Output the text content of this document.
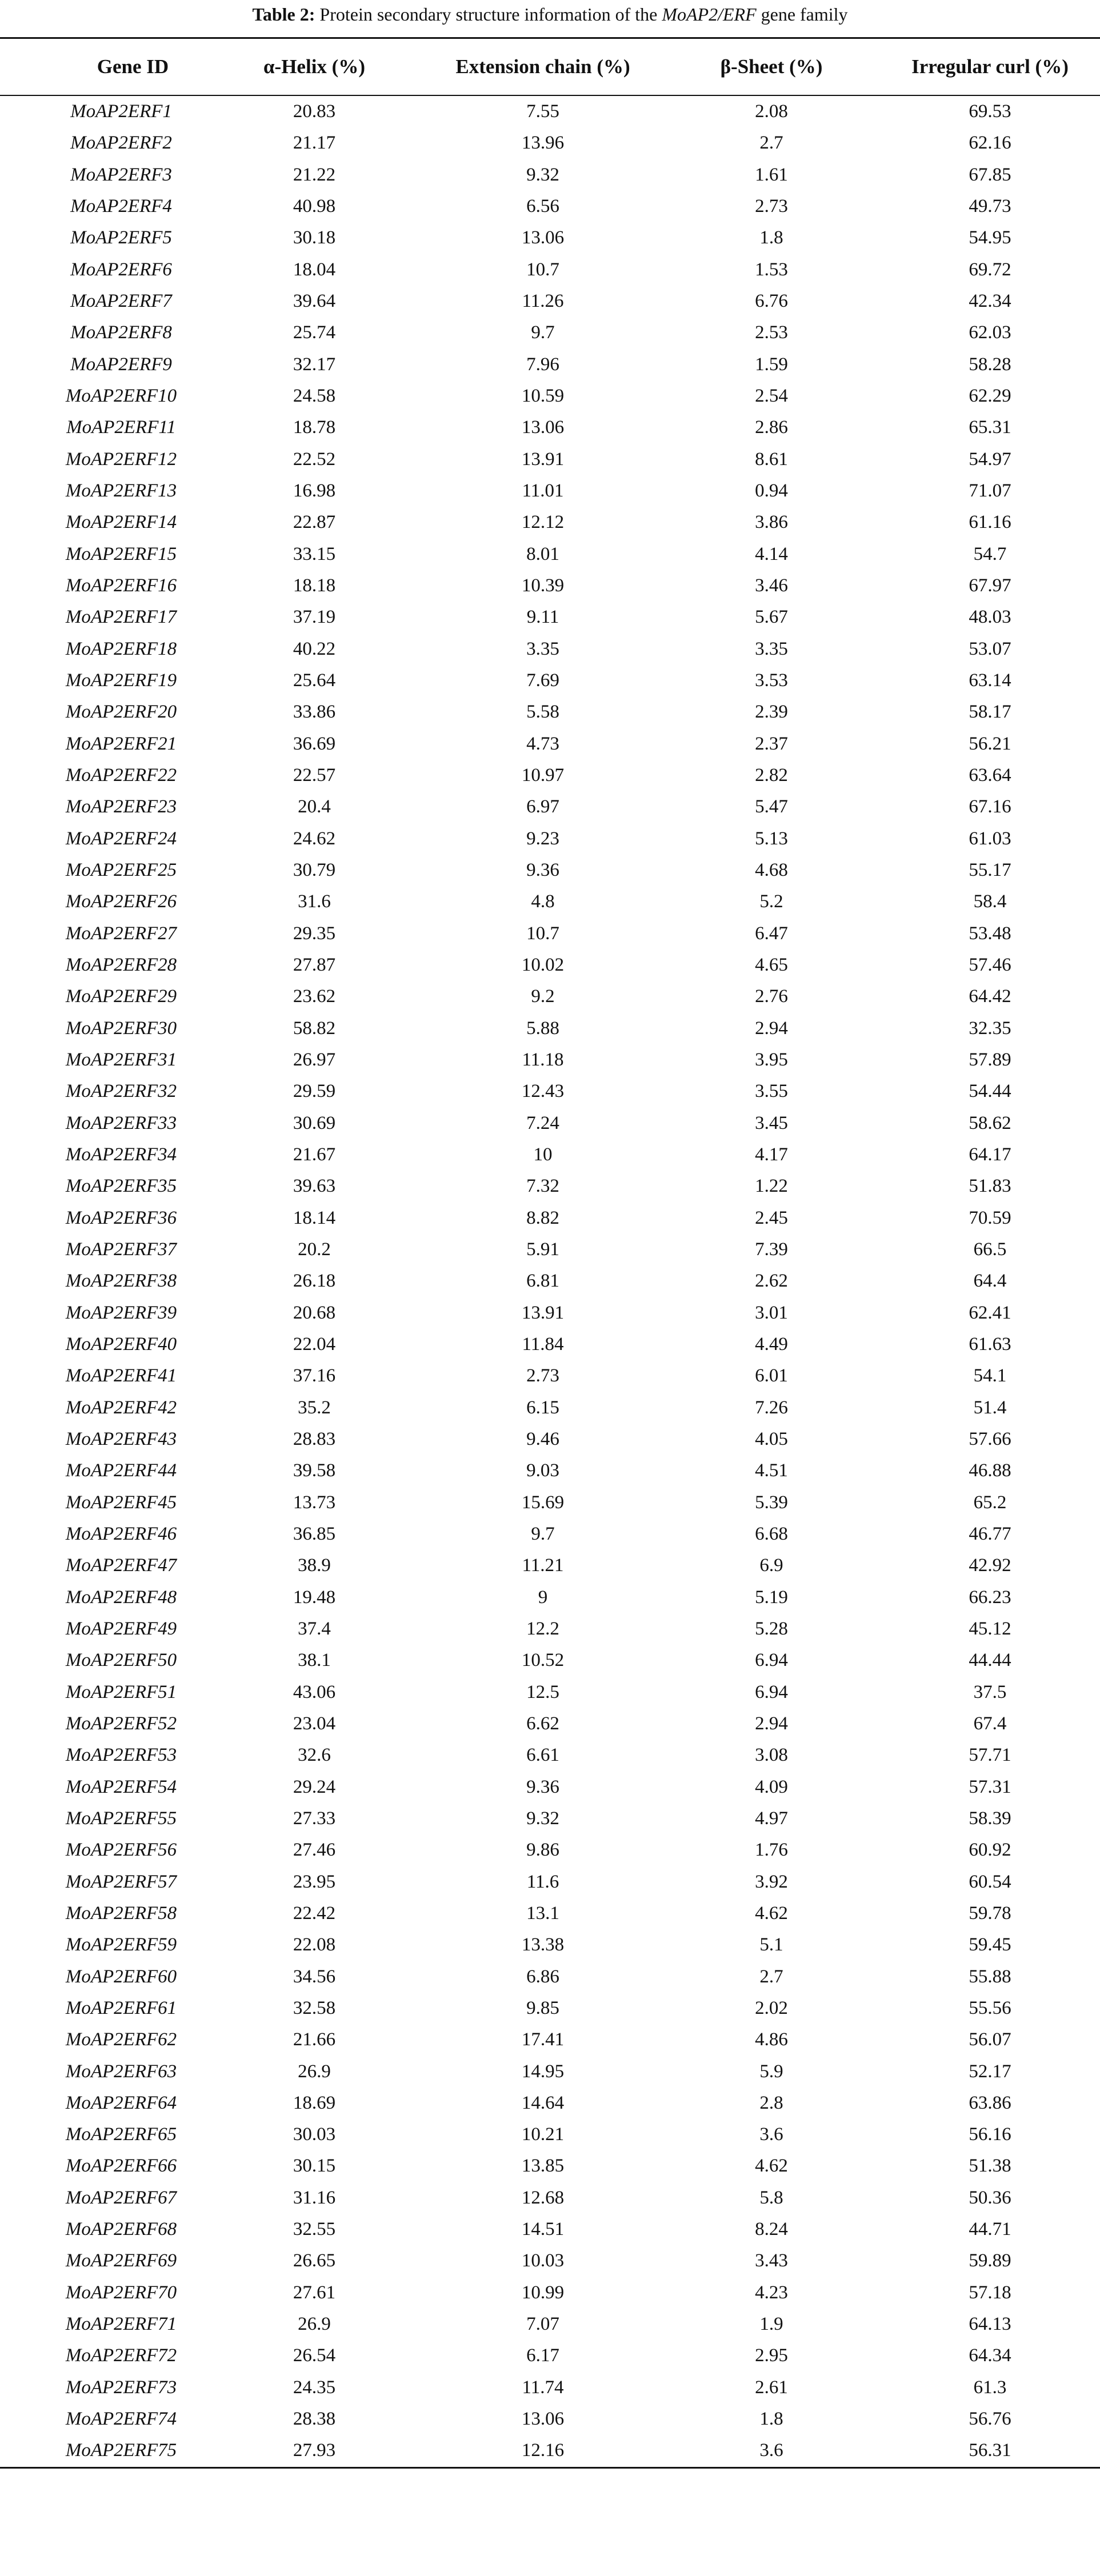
Table 2: Protein secondary structure information of the MoAP2/ERF gene family
Gene ID	α-Helix (%)	Extension chain (%)	β-Sheet (%)	Irregular curl (%)
MoAP2ERF1	20.83	7.55	2.08	69.53
MoAP2ERF2	21.17	13.96	2.7	62.16
MoAP2ERF3	21.22	9.32	1.61	67.85
MoAP2ERF4	40.98	6.56	2.73	49.73
MoAP2ERF5	30.18	13.06	1.8	54.95
MoAP2ERF6	18.04	10.7	1.53	69.72
MoAP2ERF7	39.64	11.26	6.76	42.34
MoAP2ERF8	25.74	9.7	2.53	62.03
MoAP2ERF9	32.17	7.96	1.59	58.28
MoAP2ERF10	24.58	10.59	2.54	62.29
MoAP2ERF11	18.78	13.06	2.86	65.31
MoAP2ERF12	22.52	13.91	8.61	54.97
MoAP2ERF13	16.98	11.01	0.94	71.07
MoAP2ERF14	22.87	12.12	3.86	61.16
MoAP2ERF15	33.15	8.01	4.14	54.7
MoAP2ERF16	18.18	10.39	3.46	67.97
MoAP2ERF17	37.19	9.11	5.67	48.03
MoAP2ERF18	40.22	3.35	3.35	53.07
MoAP2ERF19	25.64	7.69	3.53	63.14
MoAP2ERF20	33.86	5.58	2.39	58.17
MoAP2ERF21	36.69	4.73	2.37	56.21
MoAP2ERF22	22.57	10.97	2.82	63.64
MoAP2ERF23	20.4	6.97	5.47	67.16
MoAP2ERF24	24.62	9.23	5.13	61.03
MoAP2ERF25	30.79	9.36	4.68	55.17
MoAP2ERF26	31.6	4.8	5.2	58.4
MoAP2ERF27	29.35	10.7	6.47	53.48
MoAP2ERF28	27.87	10.02	4.65	57.46
MoAP2ERF29	23.62	9.2	2.76	64.42
MoAP2ERF30	58.82	5.88	2.94	32.35
MoAP2ERF31	26.97	11.18	3.95	57.89
MoAP2ERF32	29.59	12.43	3.55	54.44
MoAP2ERF33	30.69	7.24	3.45	58.62
MoAP2ERF34	21.67	10	4.17	64.17
MoAP2ERF35	39.63	7.32	1.22	51.83
MoAP2ERF36	18.14	8.82	2.45	70.59
MoAP2ERF37	20.2	5.91	7.39	66.5
MoAP2ERF38	26.18	6.81	2.62	64.4
MoAP2ERF39	20.68	13.91	3.01	62.41
MoAP2ERF40	22.04	11.84	4.49	61.63
MoAP2ERF41	37.16	2.73	6.01	54.1
MoAP2ERF42	35.2	6.15	7.26	51.4
MoAP2ERF43	28.83	9.46	4.05	57.66
MoAP2ERF44	39.58	9.03	4.51	46.88
MoAP2ERF45	13.73	15.69	5.39	65.2
MoAP2ERF46	36.85	9.7	6.68	46.77
MoAP2ERF47	38.9	11.21	6.9	42.92
MoAP2ERF48	19.48	9	5.19	66.23
MoAP2ERF49	37.4	12.2	5.28	45.12
MoAP2ERF50	38.1	10.52	6.94	44.44
MoAP2ERF51	43.06	12.5	6.94	37.5
MoAP2ERF52	23.04	6.62	2.94	67.4
MoAP2ERF53	32.6	6.61	3.08	57.71
MoAP2ERF54	29.24	9.36	4.09	57.31
MoAP2ERF55	27.33	9.32	4.97	58.39
MoAP2ERF56	27.46	9.86	1.76	60.92
MoAP2ERF57	23.95	11.6	3.92	60.54
MoAP2ERF58	22.42	13.1	4.62	59.78
MoAP2ERF59	22.08	13.38	5.1	59.45
MoAP2ERF60	34.56	6.86	2.7	55.88
MoAP2ERF61	32.58	9.85	2.02	55.56
MoAP2ERF62	21.66	17.41	4.86	56.07
MoAP2ERF63	26.9	14.95	5.9	52.17
MoAP2ERF64	18.69	14.64	2.8	63.86
MoAP2ERF65	30.03	10.21	3.6	56.16
MoAP2ERF66	30.15	13.85	4.62	51.38
MoAP2ERF67	31.16	12.68	5.8	50.36
MoAP2ERF68	32.55	14.51	8.24	44.71
MoAP2ERF69	26.65	10.03	3.43	59.89
MoAP2ERF70	27.61	10.99	4.23	57.18
MoAP2ERF71	26.9	7.07	1.9	64.13
MoAP2ERF72	26.54	6.17	2.95	64.34
MoAP2ERF73	24.35	11.74	2.61	61.3
MoAP2ERF74	28.38	13.06	1.8	56.76
MoAP2ERF75	27.93	12.16	3.6	56.31
